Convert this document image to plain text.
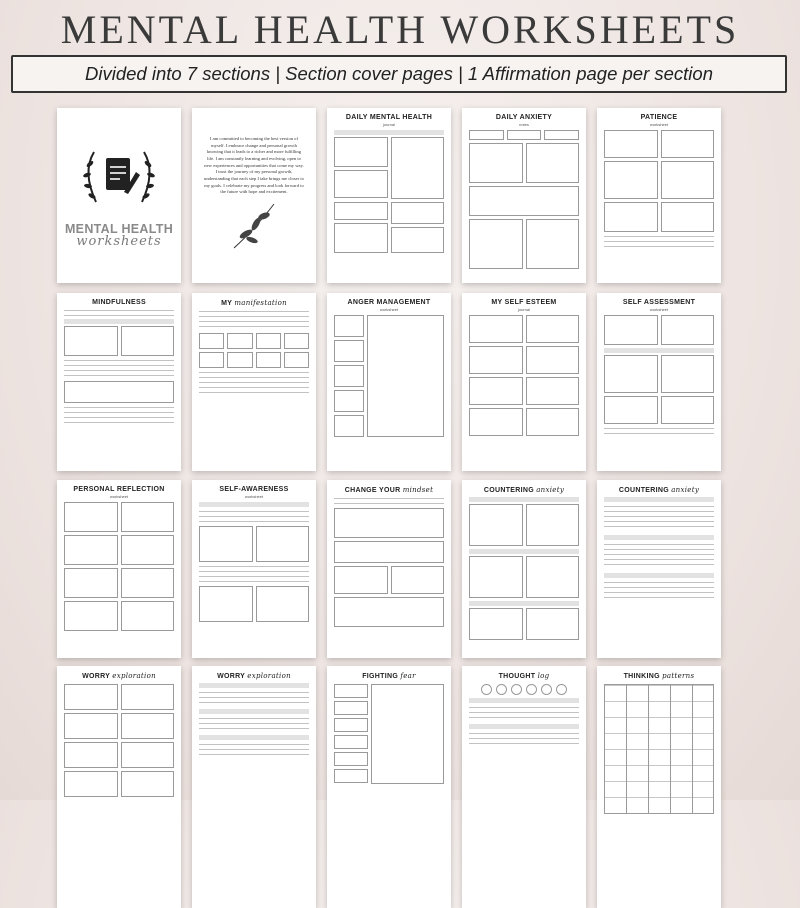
MENTAL HEALTH WORKSHEETS
Divided into 7 sections | Section cover pages | 1 Affirmation page per section
MENTAL HEALTH
worksheets
I am committed to becoming the best version of myself. I embrace change and personal growth knowing that it leads to a richer and more fulfilling life. I am constantly learning and evolving, open to new experiences and opportunities that come my way. I trust the journey of my personal growth, understanding that each step I take brings me closer to my goals. I celebrate my progress and look forward to the future with hope and excitement.
DAILY MENTAL HEALTH
journal
DAILY ANXIETY
notes
PATIENCE
worksheet
MINDFULNESS	MY manifestation	ANGER MANAGEMENT
worksheet
MY SELF ESTEEM
journal
SELF ASSESSMENT
worksheet
PERSONAL REFLECTION
worksheet
SELF-AWARENESS
worksheet
CHANGE YOUR mindset	COUNTERING anxiety	COUNTERING anxiety
WORRY exploration	WORRY exploration	FIGHTING fear	THOUGHT log	THINKING patterns
